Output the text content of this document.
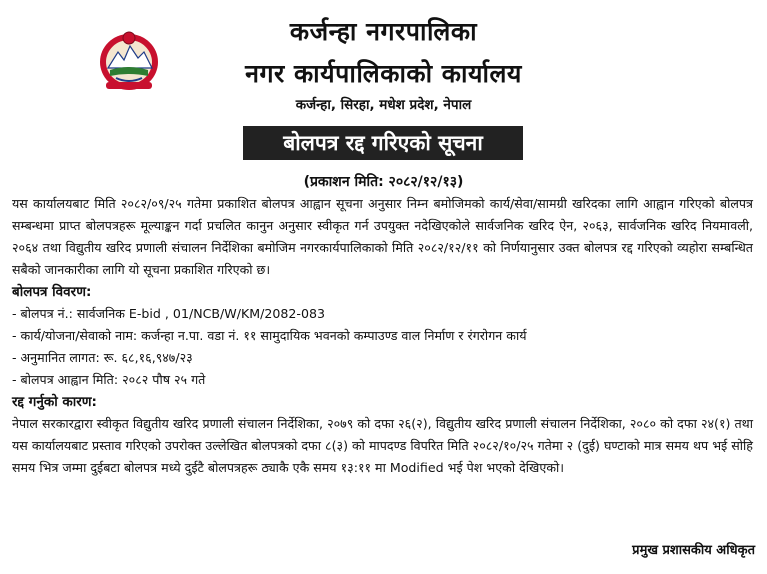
कर्जन्हा नगरपालिका
नगर कार्यपालिकाको कार्यालय
कर्जन्हा, सिरहा, मधेश प्रदेश, नेपाल
बोलपत्र रद्द गरिएको सूचना
(प्रकाशन मिति: २०८२/१२/१३)

यस कार्यालयबाट मिति २०८२/०९/२५ गतेमा प्रकाशित बोलपत्र आह्वान सूचना अनुसार निम्न बमोजिमको कार्य/सेवा/सामग्री खरिदका लागि आह्वान गरिएको बोलपत्र सम्बन्धमा प्राप्त बोलपत्रहरू मूल्याङ्कन गर्दा प्रचलित कानुन अनुसार स्वीकृत गर्न उपयुक्त नदेखिएकोले सार्वजनिक खरिद ऐन, २०६३, सार्वजनिक खरिद नियमावली, २०६४ तथा विद्युतीय खरिद प्रणाली संचालन निर्देशिका बमोजिम नगरकार्यपालिकाको मिति २०८२/१२/११ को निर्णयानुसार उक्त बोलपत्र रद्द गरिएको व्यहोरा सम्बन्धित सबैको जानकारीका लागि यो सूचना प्रकाशित गरिएको छ।

बोलपत्र विवरण:

- बोलपत्र नं.: सार्वजनिक E-bid , 01/NCB/W/KM/2082-083

- कार्य/योजना/सेवाको नाम: कर्जन्हा न.पा. वडा नं. ११ सामुदायिक भवनको कम्पाउण्ड वाल निर्माण र रंगरोगन कार्य

- अनुमानित लागत: रू. ६८,१६,९४७/२३

- बोलपत्र आह्वान मिति: २०८२ पौष २५ गते

रद्द गर्नुको कारण:

नेपाल सरकारद्वारा स्वीकृत विद्युतीय खरिद प्रणाली संचालन निर्देशिका, २०७९ को दफा २६(२), विद्युतीय खरिद प्रणाली संचालन निर्देशिका, २०८० को दफा २४(१) तथा यस कार्यालयबाट प्रस्ताव गरिएको उपरोक्त उल्लेखित बोलपत्रको दफा ८(३) को मापदण्ड विपरित मिति २०८२/१०/२५ गतेमा २ (दुई) घण्टाको मात्र समय थप भई सोहि समय भित्र जम्मा दुईबटा बोलपत्र मध्ये दुईटै बोलपत्रहरू ठ्याकै एकै समय १३:११ मा Modified भई पेश भएको देखिएको।

प्रमुख प्रशासकीय अधिकृत
